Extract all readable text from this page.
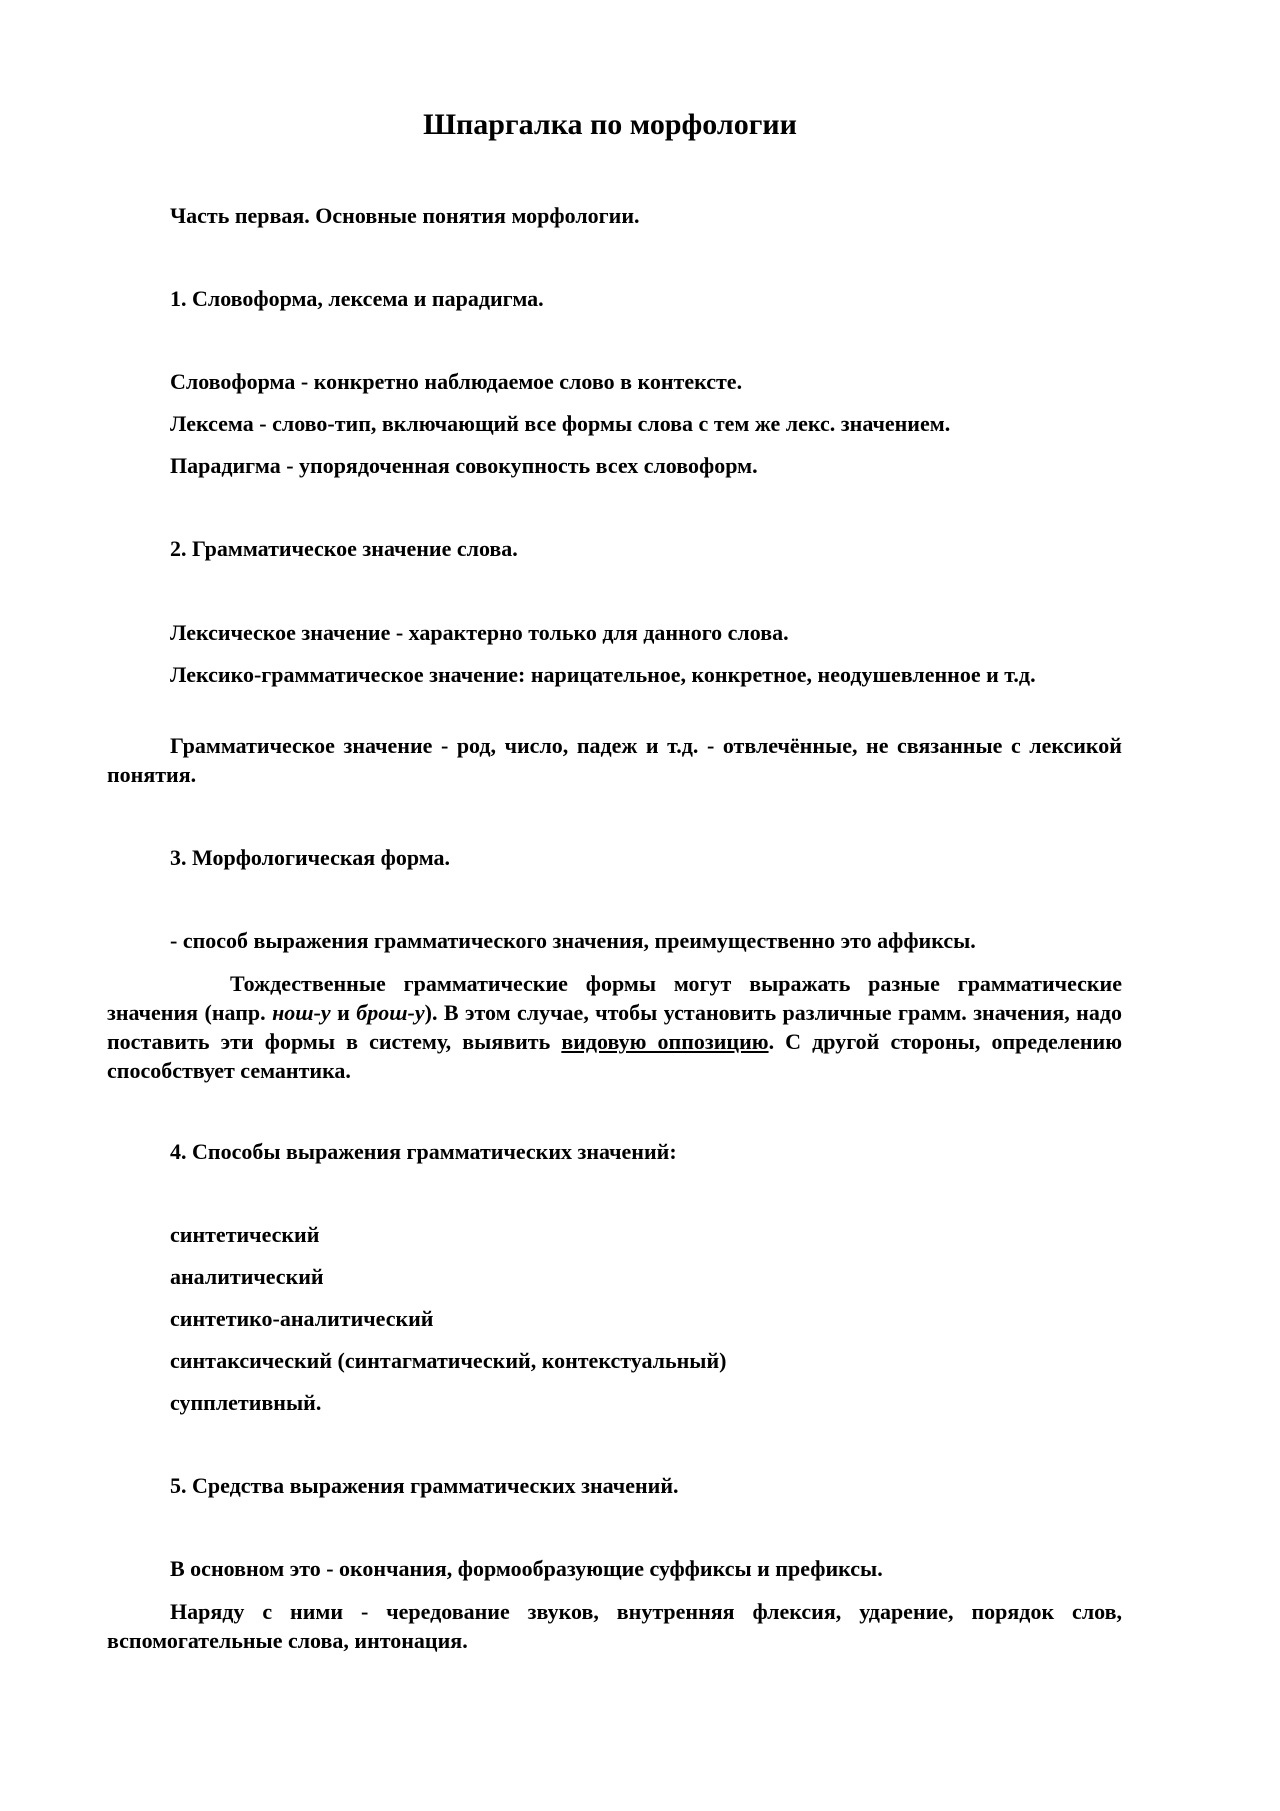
Шпаргалка по морфологии

Часть первая. Основные понятия морфологии.

1. Словоформа, лексема и парадигма.

Словоформа - конкретно наблюдаемое слово в контексте.

Лексема - слово-тип, включающий все формы слова с тем же лекс. значением.

Парадигма - упорядоченная совокупность всех словоформ.

2. Грамматическое значение слова.

Лексическое значение - характерно только для данного слова.

Лексико-грамматическое значение: нарицательное, конкретное, неодушевленное и т.д.

Грамматическое значение - род, число, падеж и т.д. - отвлечённые, не связанные с лексикой понятия.

3. Морфологическая форма.

- способ выражения грамматического значения, преимущественно это аффиксы.

Тождественные грамматические формы могут выражать разные грамматические значения (напр. нош-у и брош-у). В этом случае, чтобы установить различные грамм. значения, надо поставить эти формы в систему, выявить видовую оппозицию. С другой стороны, определению способствует семантика.

4. Способы выражения грамматических значений:

синтетический

аналитический

синтетико-аналитический

синтаксический (синтагматический, контекстуальный)

супплетивный.

5. Средства выражения грамматических значений.

В основном это - окончания, формообразующие суффиксы и префиксы.

Наряду с ними - чередование звуков, внутренняя флексия, ударение, порядок слов, вспомогательные слова, интонация.
